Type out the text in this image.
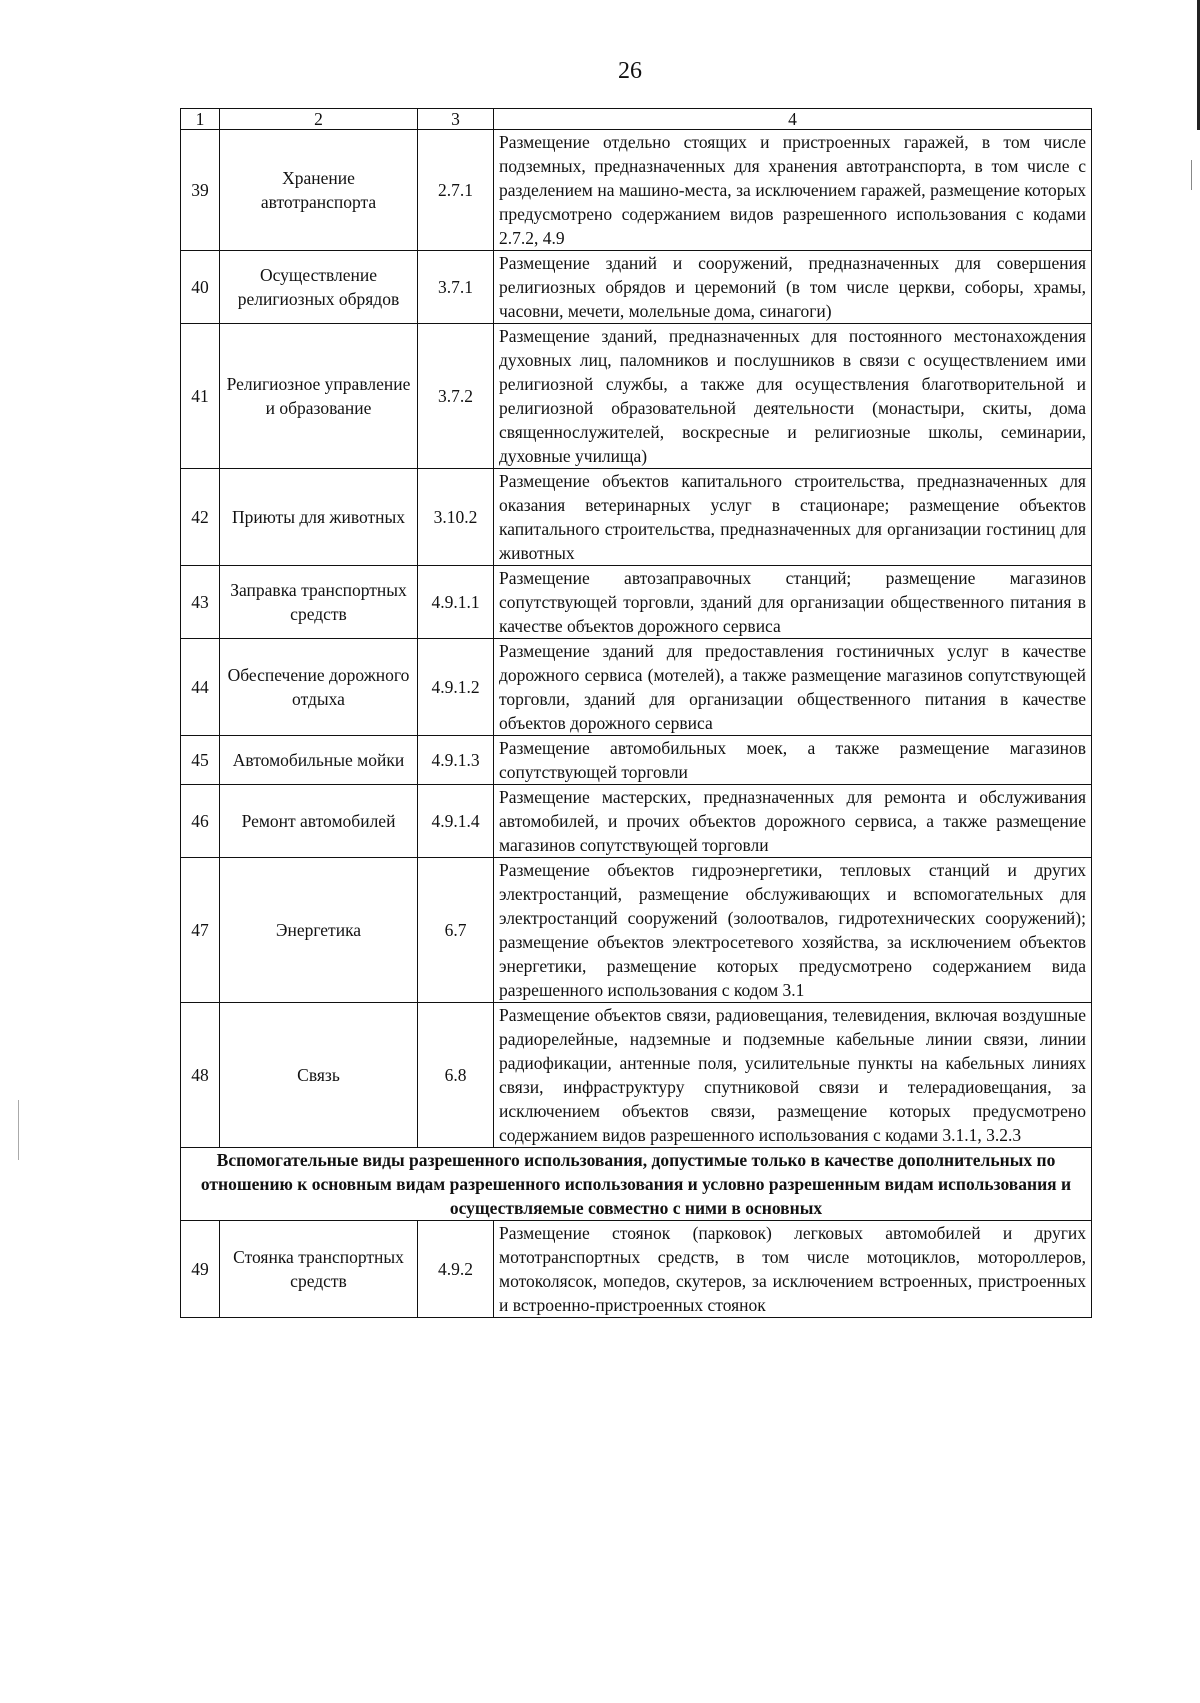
26
1	2	3	4
39	Хранение автотранспорта	2.7.1	Размещение отдельно стоящих и пристроенных гаражей, в том числе подземных, предназначенных для хранения автотранспорта, в том числе с разделением на машино-места, за исключением гаражей, размещение которых предусмотрено содержанием видов разрешенного использования с кодами 2.7.2, 4.9
40	Осуществление религиозных обрядов	3.7.1	Размещение зданий и сооружений, предназначенных для совершения религиозных обрядов и церемоний (в том числе церкви, соборы, храмы, часовни, мечети, молельные дома, синагоги)
41	Религиозное управление и образование	3.7.2	Размещение зданий, предназначенных для постоянного местонахождения духовных лиц, паломников и послушников в связи с осуществлением ими религиозной службы, а также для осуществления благотворительной и религиозной образовательной деятельности (монастыри, скиты, дома священнослужителей, воскресные и религиозные школы, семинарии, духовные училища)
42	Приюты для животных	3.10.2	Размещение объектов капитального строительства, предназначенных для оказания ветеринарных услуг в стационаре; размещение объектов капитального строительства, предназначенных для организации гостиниц для животных
43	Заправка транспортных средств	4.9.1.1	Размещение автозаправочных станций; размещение магазинов сопутствующей торговли, зданий для организации общественного питания в качестве объектов дорожного сервиса
44	Обеспечение дорожного отдыха	4.9.1.2	Размещение зданий для предоставления гостиничных услуг в качестве дорожного сервиса (мотелей), а также размещение магазинов сопутствующей торговли, зданий для организации общественного питания в качестве объектов дорожного сервиса
45	Автомобильные мойки	4.9.1.3	Размещение автомобильных моек, а также размещение магазинов сопутствующей торговли
46	Ремонт автомобилей	4.9.1.4	Размещение мастерских, предназначенных для ремонта и обслуживания автомобилей, и прочих объектов дорожного сервиса, а также размещение магазинов сопутствующей торговли
47	Энергетика	6.7	Размещение объектов гидроэнергетики, тепловых станций и других электростанций, размещение обслуживающих и вспомогательных для электростанций сооружений (золоотвалов, гидротехнических сооружений); размещение объектов электросетевого хозяйства, за исключением объектов энергетики, размещение которых предусмотрено содержанием вида разрешенного использования с кодом 3.1
48	Связь	6.8	Размещение объектов связи, радиовещания, телевидения, включая воздушные радиорелейные, надземные и подземные кабельные линии связи, линии радиофикации, антенные поля, усилительные пункты на кабельных линиях связи, инфраструктуру спутниковой связи и телерадиовещания, за исключением объектов связи, размещение которых предусмотрено содержанием видов разрешенного использования с кодами 3.1.1, 3.2.3
Вспомогательные виды разрешенного использования, допустимые только в качестве дополнительных по отношению к основным видам разрешенного использования и условно разрешенным видам использования и осуществляемые совместно с ними в основных			
49	Стоянка транспортных средств	4.9.2	Размещение стоянок (парковок) легковых автомобилей и других мототранспортных средств, в том числе мотоциклов, мотороллеров, мотоколясок, мопедов, скутеров, за исключением встроенных, пристроенных и встроенно-пристроенных стоянок
